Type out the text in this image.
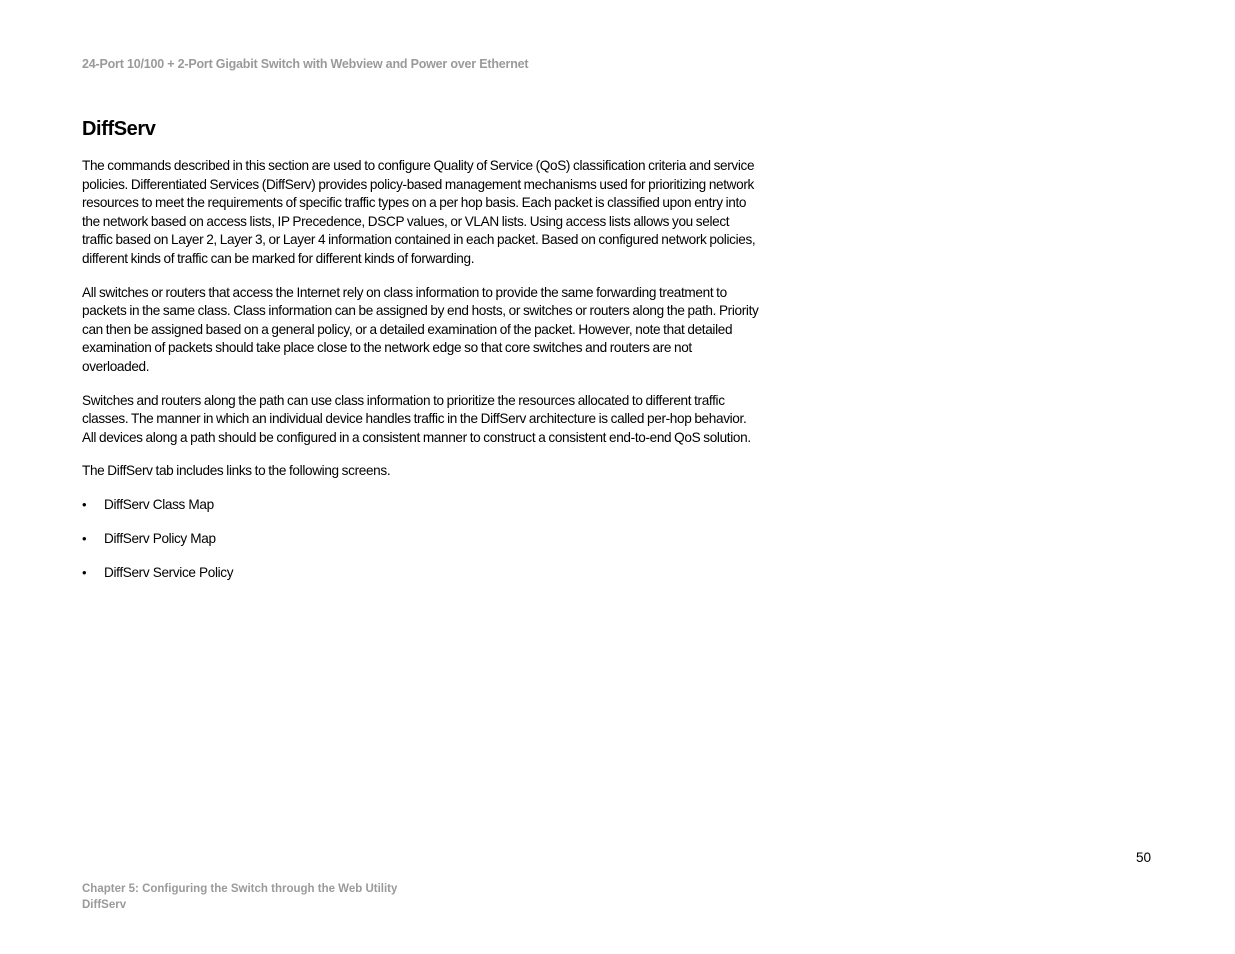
24-Port 10/100 + 2-Port Gigabit Switch with Webview and Power over Ethernet
DiffServ

The commands described in this section are used to configure Quality of Service (QoS) classification criteria and service policies. Differentiated Services (DiffServ) provides policy-based management mechanisms used for prioritizing network resources to meet the requirements of specific traffic types on a per hop basis. Each packet is classified upon entry into the network based on access lists, IP Precedence, DSCP values, or VLAN lists. Using access lists allows you select traffic based on Layer 2, Layer 3, or Layer 4 information contained in each packet. Based on configured network policies, different kinds of traffic can be marked for different kinds of forwarding.

All switches or routers that access the Internet rely on class information to provide the same forwarding treatment to packets in the same class. Class information can be assigned by end hosts, or switches or routers along the path. Priority can then be assigned based on a general policy, or a detailed examination of the packet. However, note that detailed examination of packets should take place close to the network edge so that core switches and routers are not overloaded.

Switches and routers along the path can use class information to prioritize the resources allocated to different traffic classes. The manner in which an individual device handles traffic in the DiffServ architecture is called per-hop behavior. All devices along a path should be configured in a consistent manner to construct a consistent end-to-end QoS solution.

The DiffServ tab includes links to the following screens.

• DiffServ Class Map
• DiffServ Policy Map
• DiffServ Service Policy
50
Chapter 5: Configuring the Switch through the Web Utility
DiffServ
